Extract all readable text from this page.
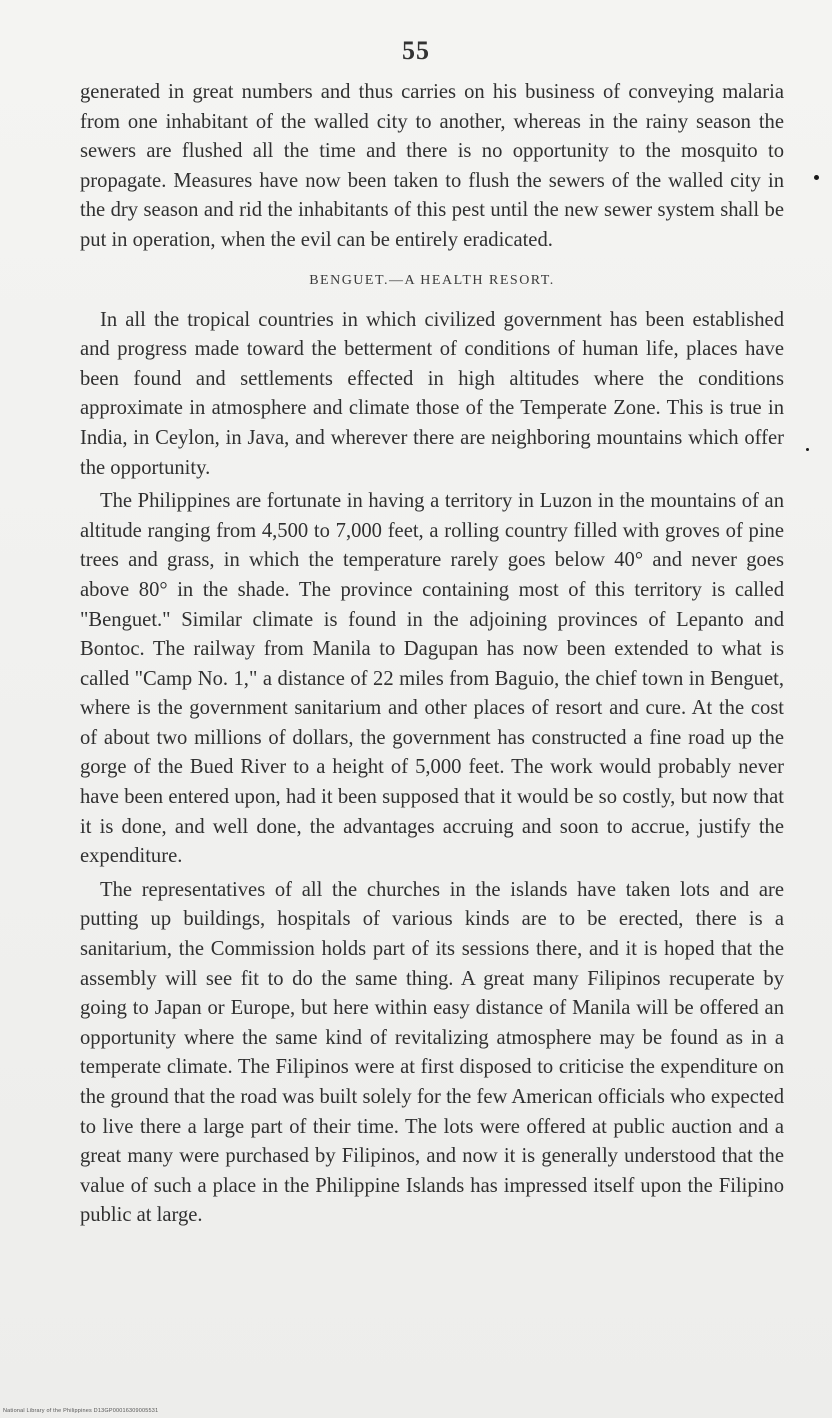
55

generated in great numbers and thus carries on his business of conveying malaria from one inhabitant of the walled city to another, whereas in the rainy season the sewers are flushed all the time and there is no opportunity to the mosquito to propagate. Measures have now been taken to flush the sewers of the walled city in the dry season and rid the inhabitants of this pest until the new sewer system shall be put in operation, when the evil can be entirely eradicated.

BENGUET.—A HEALTH RESORT.

In all the tropical countries in which civilized government has been established and progress made toward the betterment of conditions of human life, places have been found and settlements effected in high altitudes where the conditions approximate in atmosphere and climate those of the Temperate Zone. This is true in India, in Ceylon, in Java, and wherever there are neighboring mountains which offer the opportunity.

The Philippines are fortunate in having a territory in Luzon in the mountains of an altitude ranging from 4,500 to 7,000 feet, a rolling country filled with groves of pine trees and grass, in which the temperature rarely goes below 40° and never goes above 80° in the shade. The province containing most of this territory is called "Benguet." Similar climate is found in the adjoining provinces of Lepanto and Bontoc. The railway from Manila to Dagupan has now been extended to what is called "Camp No. 1," a distance of 22 miles from Baguio, the chief town in Benguet, where is the government sanitarium and other places of resort and cure. At the cost of about two millions of dollars, the government has constructed a fine road up the gorge of the Bued River to a height of 5,000 feet. The work would probably never have been entered upon, had it been supposed that it would be so costly, but now that it is done, and well done, the advantages accruing and soon to accrue, justify the expenditure.

The representatives of all the churches in the islands have taken lots and are putting up buildings, hospitals of various kinds are to be erected, there is a sanitarium, the Commission holds part of its sessions there, and it is hoped that the assembly will see fit to do the same thing. A great many Filipinos recuperate by going to Japan or Europe, but here within easy distance of Manila will be offered an opportunity where the same kind of revitalizing atmosphere may be found as in a temperate climate. The Filipinos were at first disposed to criticise the expenditure on the ground that the road was built solely for the few American officials who expected to live there a large part of their time. The lots were offered at public auction and a great many were purchased by Filipinos, and now it is generally understood that the value of such a place in the Philippine Islands has impressed itself upon the Filipino public at large.

National Library of the Philippines D13GP00016309005531
